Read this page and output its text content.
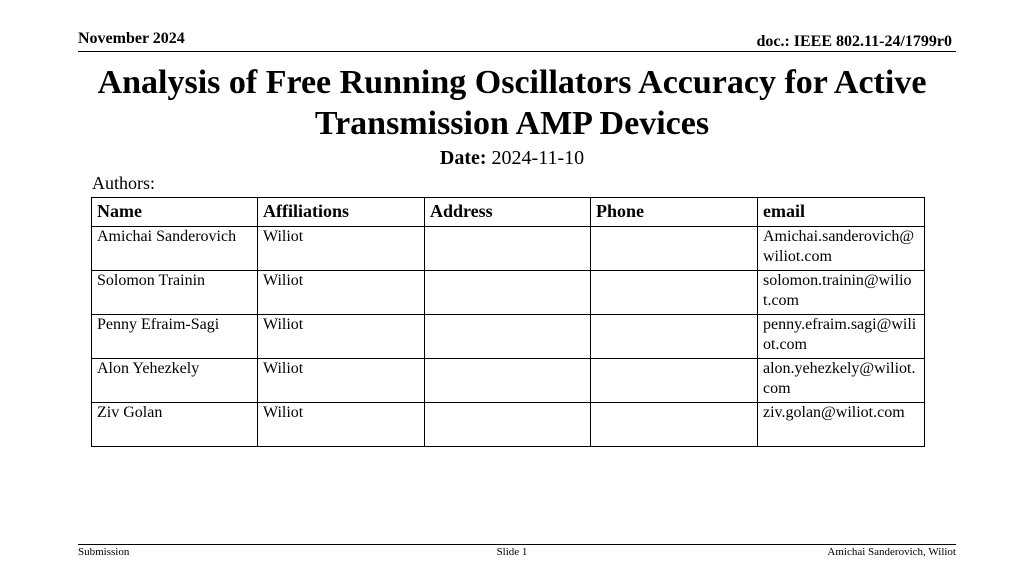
November 2024	doc.: IEEE 802.11-24/1799r0
Analysis of Free Running Oscillators Accuracy for Active Transmission AMP Devices
Date: 2024-11-10
Authors:
Name	Affiliations	Address	Phone	email
Amichai Sanderovich	Wiliot			Amichai.sanderovich@wiliot.com
Solomon Trainin	Wiliot			solomon.trainin@wiliot.com
Penny Efraim-Sagi	Wiliot			penny.efraim.sagi@wiliot.com
Alon Yehezkely	Wiliot			alon.yehezkely@wiliot.com
Ziv Golan	Wiliot			ziv.golan@wiliot.com
Submission	Slide 1	Amichai Sanderovich, Wiliot
